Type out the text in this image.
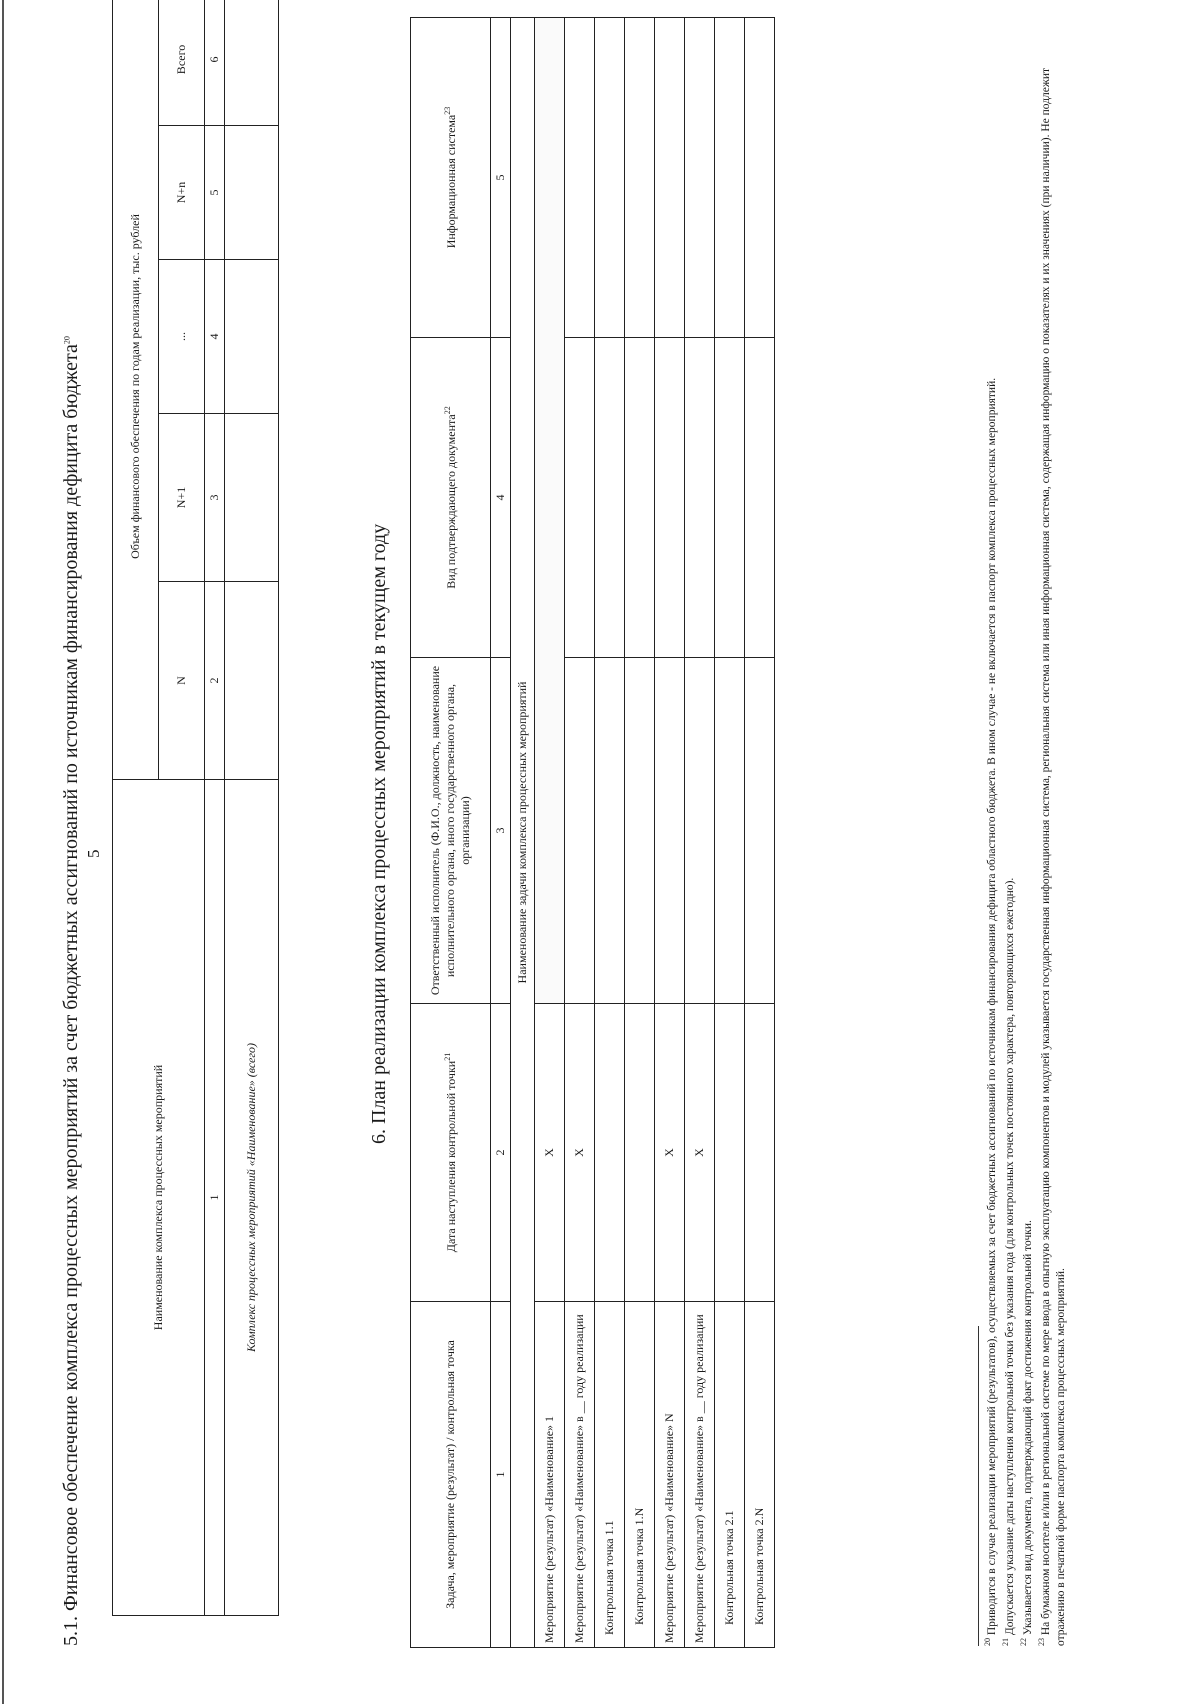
5
5.1. Финансовое обеспечение комплекса процессных мероприятий за счет бюджетных ассигнований по источникам финансирования дефицита бюджета$^{20}$
Наименование комплекса процессных мероприятий	Объем финансового обеспечения по годам реализации, тыс. рублей				
	N	N+1	...	N+n	Всего
1	2	3	4	5	6
Комплекс процессных мероприятий «Наименование» (всего)					
6. План реализации комплекса процессных мероприятий в текущем году
Задача, мероприятие (результат) / контрольная точка	Дата наступления контрольной точки$^{21}$	Ответственный исполнитель (Ф.И.О., должность, наименование исполнительного органа, иного государственного органа, организации)	Вид подтверждающего документа$^{22}$	Информационная система$^{23}$
1	2	3	4	5
Наименование задачи комплекса процессных мероприятий				
Мероприятие (результат) «Наименование» 1	Х			
Мероприятие (результат) «Наименование» в __ году реализации	Х			
Контрольная точка 1.1				
Контрольная точка 1.N				
Мероприятие (результат) «Наименование» N	Х			
Мероприятие (результат) «Наименование» в __ году реализации	Х			
Контрольная точка 2.1				
Контрольная точка 2.N				

$^{20}$ Приводится в случае реализации мероприятий (результатов), осуществляемых за счет бюджетных ассигнований по источникам финансирования дефицита областного бюджета. В ином случае - не включается в паспорт комплекса процессных мероприятий.

$^{21}$ Допускается указание даты наступления контрольной точки без указания года (для контрольных точек постоянного характера, повторяющихся ежегодно).

$^{22}$ Указывается вид документа, подтверждающий факт достижения контрольной точки.

$^{23}$ На бумажном носителе и/или в региональной системе по мере ввода в опытную эксплуатацию компонентов и модулей указывается государственная информационная система, региональная система или иная информационная система, содержащая информацию о показателях и их значениях (при наличии). Не подлежит отражению в печатной форме паспорта комплекса процессных мероприятий.
